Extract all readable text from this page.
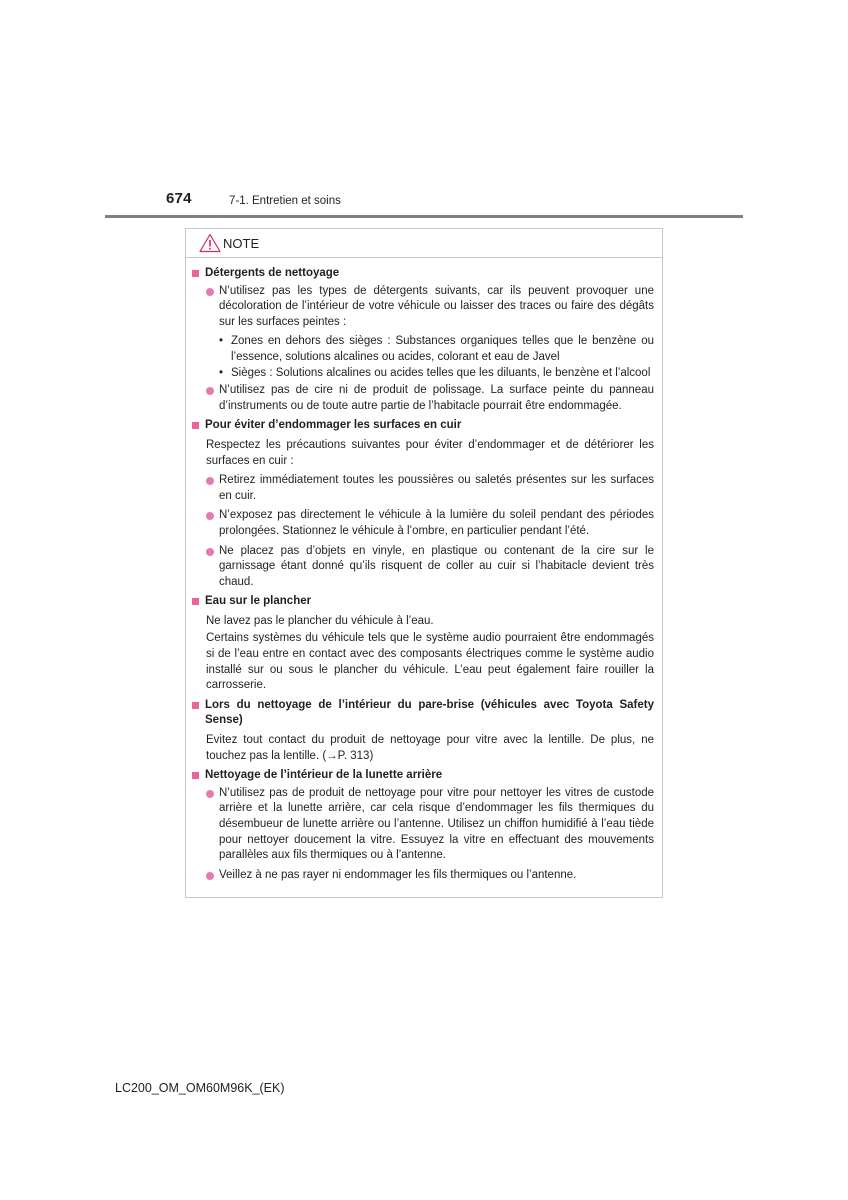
674	7-1. Entretien et soins
NOTE
Détergents de nettoyage
N’utilisez pas les types de détergents suivants, car ils peuvent provoquer une décoloration de l’intérieur de votre véhicule ou laisser des traces ou faire des dégâts sur les surfaces peintes :
• Zones en dehors des sièges : Substances organiques telles que le benzène ou l’essence, solutions alcalines ou acides, colorant et eau de Javel
• Sièges : Solutions alcalines ou acides telles que les diluants, le benzène et l’alcool
N’utilisez pas de cire ni de produit de polissage. La surface peinte du panneau d’instruments ou de toute autre partie de l’habitacle pourrait être endommagée.
Pour éviter d’endommager les surfaces en cuir
Respectez les précautions suivantes pour éviter d’endommager et de détériorer les surfaces en cuir :
Retirez immédiatement toutes les poussières ou saletés présentes sur les surfaces en cuir.
N’exposez pas directement le véhicule à la lumière du soleil pendant des périodes prolongées. Stationnez le véhicule à l’ombre, en particulier pendant l’été.
Ne placez pas d’objets en vinyle, en plastique ou contenant de la cire sur le garnissage étant donné qu’ils risquent de coller au cuir si l’habitacle devient très chaud.
Eau sur le plancher
Ne lavez pas le plancher du véhicule à l’eau.
Certains systèmes du véhicule tels que le système audio pourraient être endommagés si de l’eau entre en contact avec des composants électriques comme le système audio installé sur ou sous le plancher du véhicule. L’eau peut également faire rouiller la carrosserie.
Lors du nettoyage de l’intérieur du pare-brise (véhicules avec Toyota Safety Sense)
Evitez tout contact du produit de nettoyage pour vitre avec la lentille. De plus, ne touchez pas la lentille. (→P. 313)
Nettoyage de l’intérieur de la lunette arrière
N’utilisez pas de produit de nettoyage pour vitre pour nettoyer les vitres de custode arrière et la lunette arrière, car cela risque d’endommager les fils thermiques du désembueur de lunette arrière ou l’antenne. Utilisez un chiffon humidifié à l’eau tiède pour nettoyer doucement la vitre. Essuyez la vitre en effectuant des mouvements parallèles aux fils thermiques ou à l’antenne.
Veillez à ne pas rayer ni endommager les fils thermiques ou l’antenne.
LC200_OM_OM60M96K_(EK)
